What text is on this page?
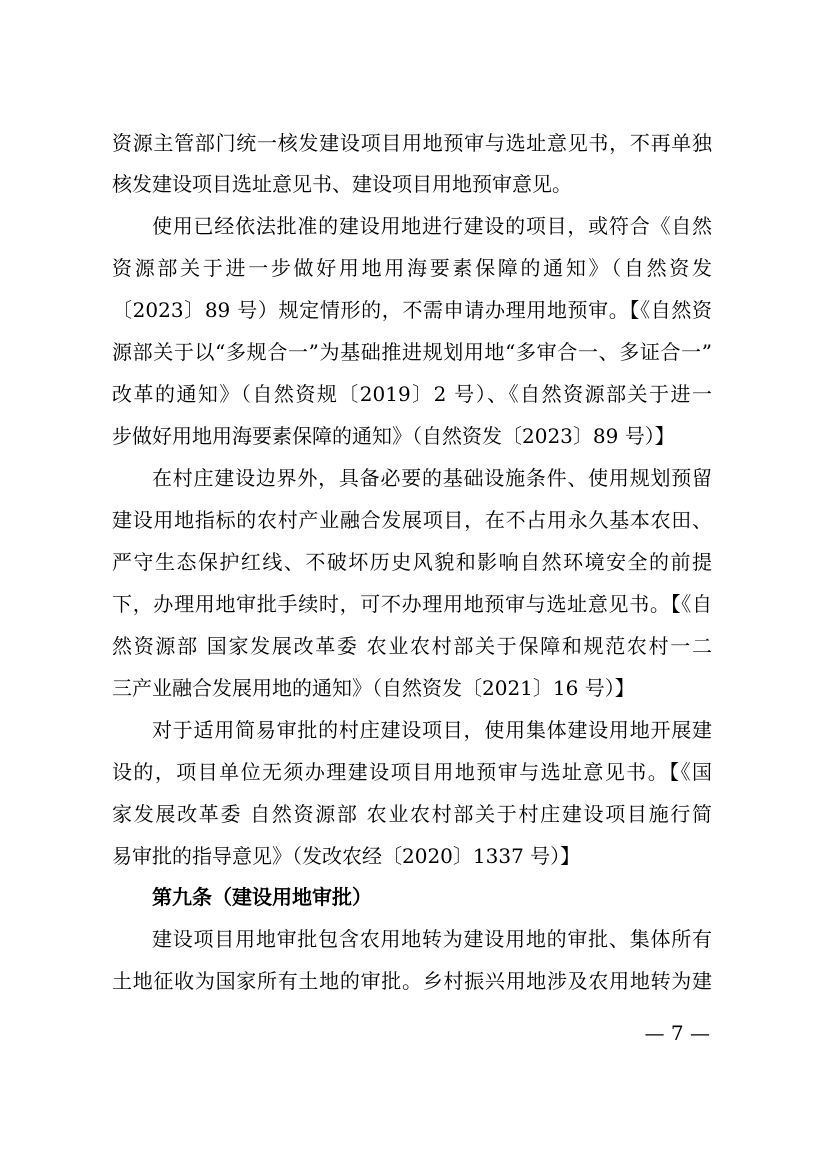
资源主管部门统一核发建设项目用地预审与选址意见书，不再单独
核发建设项目选址意见书、建设项目用地预审意见。
使用已经依法批准的建设用地进行建设的项目，或符合《自然
资源部关于进一步做好用地用海要素保障的通知》（自然资发
〔2023〕89 号）规定情形的，不需申请办理用地预审。【《自然资
源部关于以“多规合一”为基础推进规划用地“多审合一、多证合一”
改革的通知》（自然资规〔2019〕2 号）、《自然资源部关于进一
步做好用地用海要素保障的通知》（自然资发〔2023〕89 号）】
在村庄建设边界外，具备必要的基础设施条件、使用规划预留
建设用地指标的农村产业融合发展项目，在不占用永久基本农田、
严守生态保护红线、不破坏历史风貌和影响自然环境安全的前提
下，办理用地审批手续时，可不办理用地预审与选址意见书。【《自
然资源部 国家发展改革委 农业农村部关于保障和规范农村一二
三产业融合发展用地的通知》（自然资发〔2021〕16 号）】
对于适用简易审批的村庄建设项目，使用集体建设用地开展建
设的，项目单位无须办理建设项目用地预审与选址意见书。【《国
家发展改革委 自然资源部 农业农村部关于村庄建设项目施行简
易审批的指导意见》（发改农经〔2020〕1337 号）】
第九条（建设用地审批）
建设项目用地审批包含农用地转为建设用地的审批、集体所有
土地征收为国家所有土地的审批。乡村振兴用地涉及农用地转为建
— 7 —
